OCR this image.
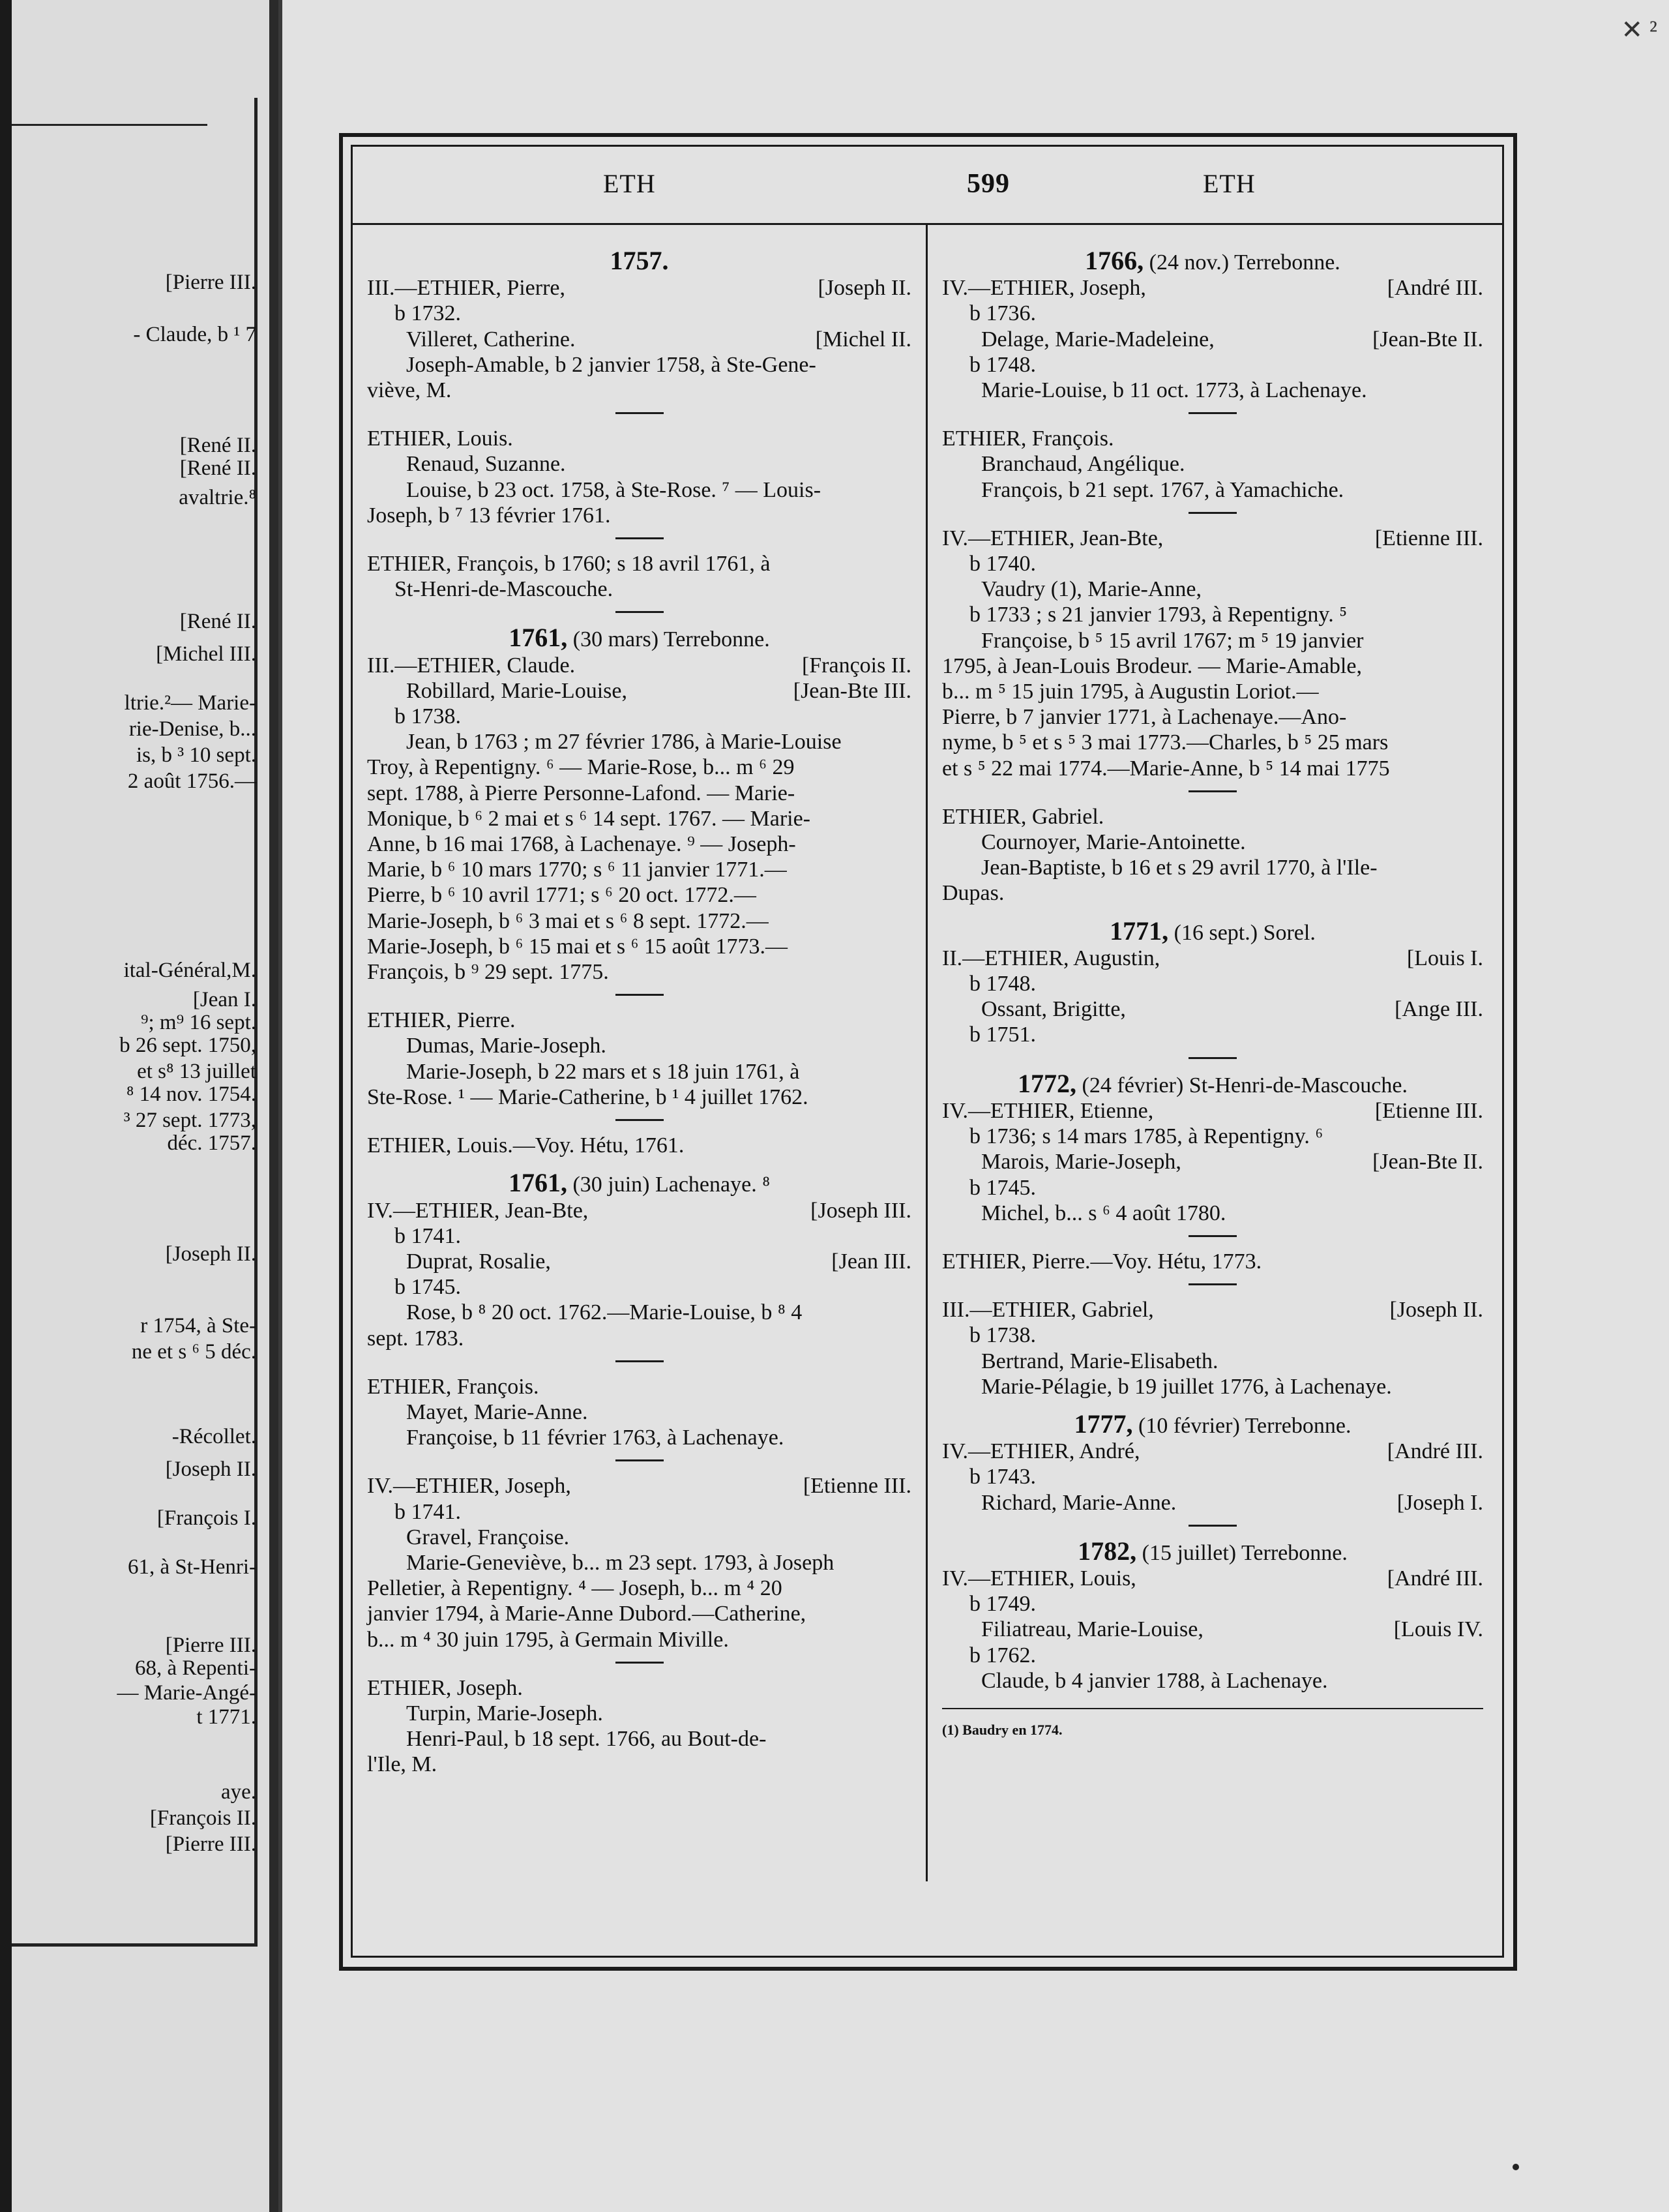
[Pierre III.
- Claude, b ¹ 7
[René II.
[René II.
avaltrie.⁸
[René II.
[Michel III.
ltrie.²— Marie-
rie-Denise, b...
is, b ³ 10 sept.
2 août 1756.—
ital-Général,M.
[Jean I.
⁹; m⁹ 16 sept.
b 26 sept. 1750,
et s⁸ 13 juillet
⁸ 14 nov. 1754.
³ 27 sept. 1773,
déc. 1757.
[Joseph II.
r 1754, à Ste-
ne et s ⁶ 5 déc.
-Récollet.
[Joseph II.
[François I.
61, à St-Henri-
[Pierre III.
68, à Repenti-
— Marie-Angé-
t 1771.
aye.
[François II.
[Pierre III.
✕ ²
ETH	599	ETH
1757.
III.—ETHIER, Pierre,	[Joseph II.
b 1732.
Villeret, Catherine.	[Michel II.
Joseph-Amable, b 2 janvier 1758, à Ste-Gene-
viève, M.
ETHIER, Louis.
Renaud, Suzanne.
Louise, b 23 oct. 1758, à Ste-Rose. ⁷ — Louis-
Joseph, b ⁷ 13 février 1761.
ETHIER, François, b 1760; s 18 avril 1761, à
St-Henri-de-Mascouche.
1761, (30 mars) Terrebonne.
III.—ETHIER, Claude.	[François II.
Robillard, Marie-Louise,	[Jean-Bte III.
b 1738.
Jean, b 1763 ; m 27 février 1786, à Marie-Louise
Troy, à Repentigny. ⁶ — Marie-Rose, b... m ⁶ 29
sept. 1788, à Pierre Personne-Lafond. — Marie-
Monique, b ⁶ 2 mai et s ⁶ 14 sept. 1767. — Marie-
Anne, b 16 mai 1768, à Lachenaye. ⁹ — Joseph-
Marie, b ⁶ 10 mars 1770; s ⁶ 11 janvier 1771.—
Pierre, b ⁶ 10 avril 1771; s ⁶ 20 oct. 1772.—
Marie-Joseph, b ⁶ 3 mai et s ⁶ 8 sept. 1772.—
Marie-Joseph, b ⁶ 15 mai et s ⁶ 15 août 1773.—
François, b ⁹ 29 sept. 1775.
ETHIER, Pierre.
Dumas, Marie-Joseph.
Marie-Joseph, b 22 mars et s 18 juin 1761, à
Ste-Rose. ¹ — Marie-Catherine, b ¹ 4 juillet 1762.
ETHIER, Louis.—Voy. Hétu, 1761.
1761, (30 juin) Lachenaye. ⁸
IV.—ETHIER, Jean-Bte,	[Joseph III.
b 1741.
Duprat, Rosalie,	[Jean III.
b 1745.
Rose, b ⁸ 20 oct. 1762.—Marie-Louise, b ⁸ 4
sept. 1783.
ETHIER, François.
Mayet, Marie-Anne.
Françoise, b 11 février 1763, à Lachenaye.
IV.—ETHIER, Joseph,	[Etienne III.
b 1741.
Gravel, Françoise.
Marie-Geneviève, b... m 23 sept. 1793, à Joseph
Pelletier, à Repentigny. ⁴ — Joseph, b... m ⁴ 20
janvier 1794, à Marie-Anne Dubord.—Catherine,
b... m ⁴ 30 juin 1795, à Germain Miville.
ETHIER, Joseph.
Turpin, Marie-Joseph.
Henri-Paul, b 18 sept. 1766, au Bout-de-
l'Ile, M.
1766, (24 nov.) Terrebonne.
IV.—ETHIER, Joseph,	[André III.
b 1736.
Delage, Marie-Madeleine,	[Jean-Bte II.
b 1748.
Marie-Louise, b 11 oct. 1773, à Lachenaye.
ETHIER, François.
Branchaud, Angélique.
François, b 21 sept. 1767, à Yamachiche.
IV.—ETHIER, Jean-Bte,	[Etienne III.
b 1740.
Vaudry (1), Marie-Anne,
b 1733 ; s 21 janvier 1793, à Repentigny. ⁵
Françoise, b ⁵ 15 avril 1767; m ⁵ 19 janvier
1795, à Jean-Louis Brodeur. — Marie-Amable,
b... m ⁵ 15 juin 1795, à Augustin Loriot.—
Pierre, b 7 janvier 1771, à Lachenaye.—Ano-
nyme, b ⁵ et s ⁵ 3 mai 1773.—Charles, b ⁵ 25 mars
et s ⁵ 22 mai 1774.—Marie-Anne, b ⁵ 14 mai 1775
ETHIER, Gabriel.
Cournoyer, Marie-Antoinette.
Jean-Baptiste, b 16 et s 29 avril 1770, à l'Ile-
Dupas.
1771, (16 sept.) Sorel.
II.—ETHIER, Augustin,	[Louis I.
b 1748.
Ossant, Brigitte,	[Ange III.
b 1751.
1772, (24 février) St-Henri-de-Mascouche.
IV.—ETHIER, Etienne,	[Etienne III.
b 1736; s 14 mars 1785, à Repentigny. ⁶
Marois, Marie-Joseph,	[Jean-Bte II.
b 1745.
Michel, b... s ⁶ 4 août 1780.
ETHIER, Pierre.—Voy. Hétu, 1773.
III.—ETHIER, Gabriel,	[Joseph II.
b 1738.
Bertrand, Marie-Elisabeth.
Marie-Pélagie, b 19 juillet 1776, à Lachenaye.
1777, (10 février) Terrebonne.
IV.—ETHIER, André,	[André III.
b 1743.
Richard, Marie-Anne.	[Joseph I.
1782, (15 juillet) Terrebonne.
IV.—ETHIER, Louis,	[André III.
b 1749.
Filiatreau, Marie-Louise,	[Louis IV.
b 1762.
Claude, b 4 janvier 1788, à Lachenaye.
(1) Baudry en 1774.
